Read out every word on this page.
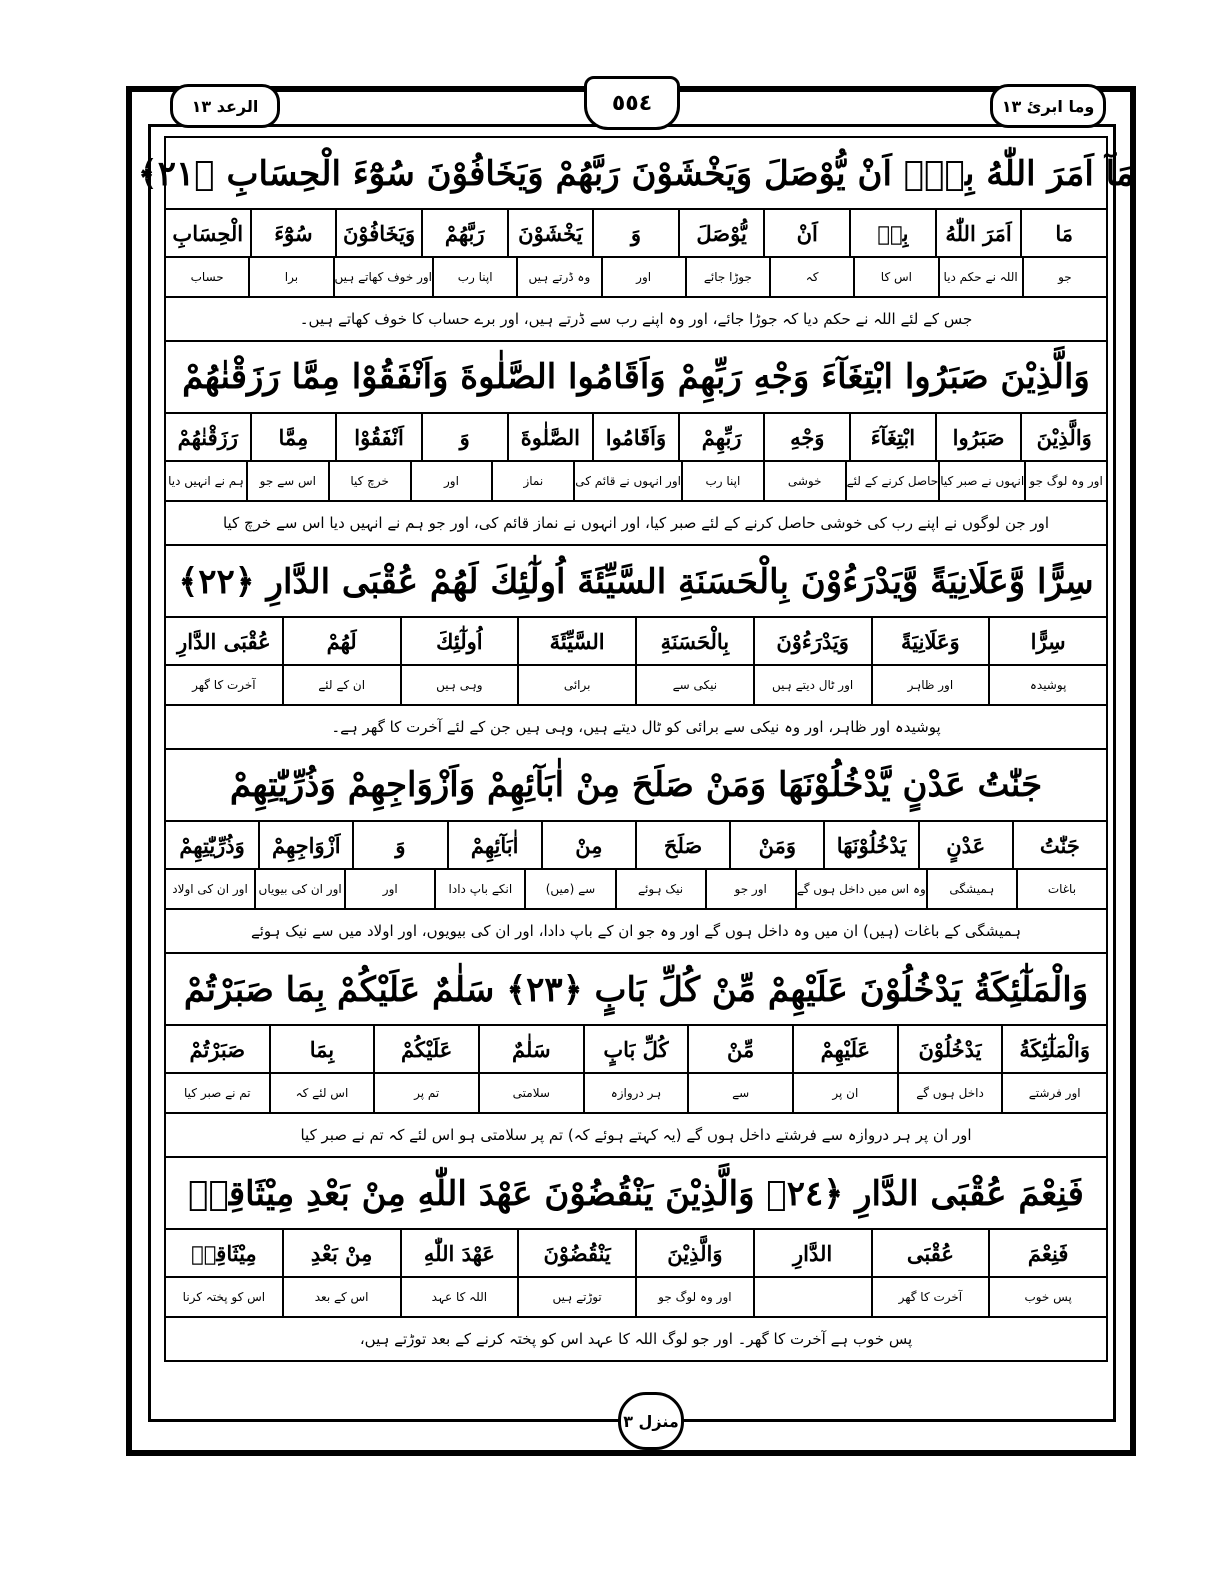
وما ابرئ ١٣
٥٥٤
الرعد ١٣
مَآ اَمَرَ اللّٰهُ بِهٖٓ اَنْ يُّوْصَلَ وَيَخْشَوْنَ رَبَّهُمْ وَيَخَافُوْنَ سُوْٓءَ الْحِسَابِ ﴿٢١﴾
مَا
اَمَرَ اللّٰهُ
بِهٖ
اَنْ
يُّوْصَلَ
وَ
يَخْشَوْنَ
رَبَّهُمْ
وَيَخَافُوْنَ
سُوْٓءَ
الْحِسَابِ
جو
اللہ نے حکم دیا
اس کا
کہ
جوڑا جائے
اور
وہ ڈرتے ہیں
اپنا رب
اور خوف کھاتے ہیں
برا
حساب
جس کے لئے اللہ نے حکم دیا کہ جوڑا جائے، اور وہ اپنے رب سے ڈرتے ہیں، اور برے حساب کا خوف کھاتے ہیں۔
وَالَّذِيْنَ صَبَرُوا ابْتِغَآءَ وَجْهِ رَبِّهِمْ وَاَقَامُوا الصَّلٰوةَ وَاَنْفَقُوْا مِمَّا رَزَقْنٰهُمْ
وَالَّذِيْنَ
صَبَرُوا
ابْتِغَآءَ
وَجْهِ
رَبِّهِمْ
وَاَقَامُوا
الصَّلٰوةَ
وَ
اَنْفَقُوْا
مِمَّا
رَزَقْنٰهُمْ
اور وہ لوگ جو
انہوں نے صبر کیا
حاصل کرنے کے لئے
خوشی
اپنا رب
اور انہوں نے قائم کی
نماز
اور
خرچ کیا
اس سے جو
ہم نے انہیں دیا
اور جن لوگوں نے اپنے رب کی خوشی حاصل کرنے کے لئے صبر کیا، اور انہوں نے نماز قائم کی، اور جو ہم نے انہیں دیا اس سے خرچ کیا
سِرًّا وَّعَلَانِيَةً وَّيَدْرَءُوْنَ بِالْحَسَنَةِ السَّيِّئَةَ اُولٰٓئِكَ لَهُمْ عُقْبَى الدَّارِ ﴿٢٢﴾
سِرًّا
وَعَلَانِيَةً
وَيَدْرَءُوْنَ
بِالْحَسَنَةِ
السَّيِّئَةَ
اُولٰٓئِكَ
لَهُمْ
عُقْبَى الدَّارِ
پوشیدہ
اور ظاہر
اور ٹال دیتے ہیں
نیکی سے
برائی
وہی ہیں
ان کے لئے
آخرت کا گھر
پوشیدہ اور ظاہر، اور وہ نیکی سے برائی کو ٹال دیتے ہیں، وہی ہیں جن کے لئے آخرت کا گھر ہے۔
جَنّٰتُ عَدْنٍ يَّدْخُلُوْنَهَا وَمَنْ صَلَحَ مِنْ اٰبَآئِهِمْ وَاَزْوَاجِهِمْ وَذُرِّيّٰتِهِمْ
جَنّٰتُ
عَدْنٍ
يَدْخُلُوْنَهَا
وَمَنْ
صَلَحَ
مِنْ
اٰبَآئِهِمْ
وَ
اَزْوَاجِهِمْ
وَذُرِّيّٰتِهِمْ
باغات
ہمیشگی
وہ اس میں داخل ہوں گے
اور جو
نیک ہوئے
سے (میں)
انکے باپ دادا
اور
اور ان کی بیویاں
اور ان کی اولاد
ہمیشگی کے باغات (ہیں) ان میں وہ داخل ہوں گے اور وہ جو ان کے باپ دادا، اور ان کی بیویوں، اور اولاد میں سے نیک ہوئے
وَالْمَلٰٓئِكَةُ يَدْخُلُوْنَ عَلَيْهِمْ مِّنْ كُلِّ بَابٍ ﴿٢٣﴾ سَلٰمٌ عَلَيْكُمْ بِمَا صَبَرْتُمْ
وَالْمَلٰٓئِكَةُ
يَدْخُلُوْنَ
عَلَيْهِمْ
مِّنْ
كُلِّ بَابٍ
سَلٰمٌ
عَلَيْكُمْ
بِمَا
صَبَرْتُمْ
اور فرشتے
داخل ہوں گے
ان پر
سے
ہر دروازہ
سلامتی
تم پر
اس لئے کہ
تم نے صبر کیا
اور ان پر ہر دروازہ سے فرشتے داخل ہوں گے (یہ کہتے ہوئے کہ) تم پر سلامتی ہو اس لئے کہ تم نے صبر کیا
فَنِعْمَ عُقْبَى الدَّارِ ﴿٢٤﴾ وَالَّذِيْنَ يَنْقُضُوْنَ عَهْدَ اللّٰهِ مِنْ بَعْدِ مِيْثَاقِهٖ
فَنِعْمَ
عُقْبَى
الدَّارِ
وَالَّذِيْنَ
يَنْقُضُوْنَ
عَهْدَ اللّٰهِ
مِنْ بَعْدِ
مِيْثَاقِهٖ
پس خوب
آخرت کا گھر
اور وہ لوگ جو
توڑتے ہیں
اللہ کا عہد
اس کے بعد
اس کو پختہ کرنا
پس خوب ہے آخرت کا گھر۔ اور جو لوگ اللہ کا عہد اس کو پختہ کرنے کے بعد توڑتے ہیں،
منزل ٣
